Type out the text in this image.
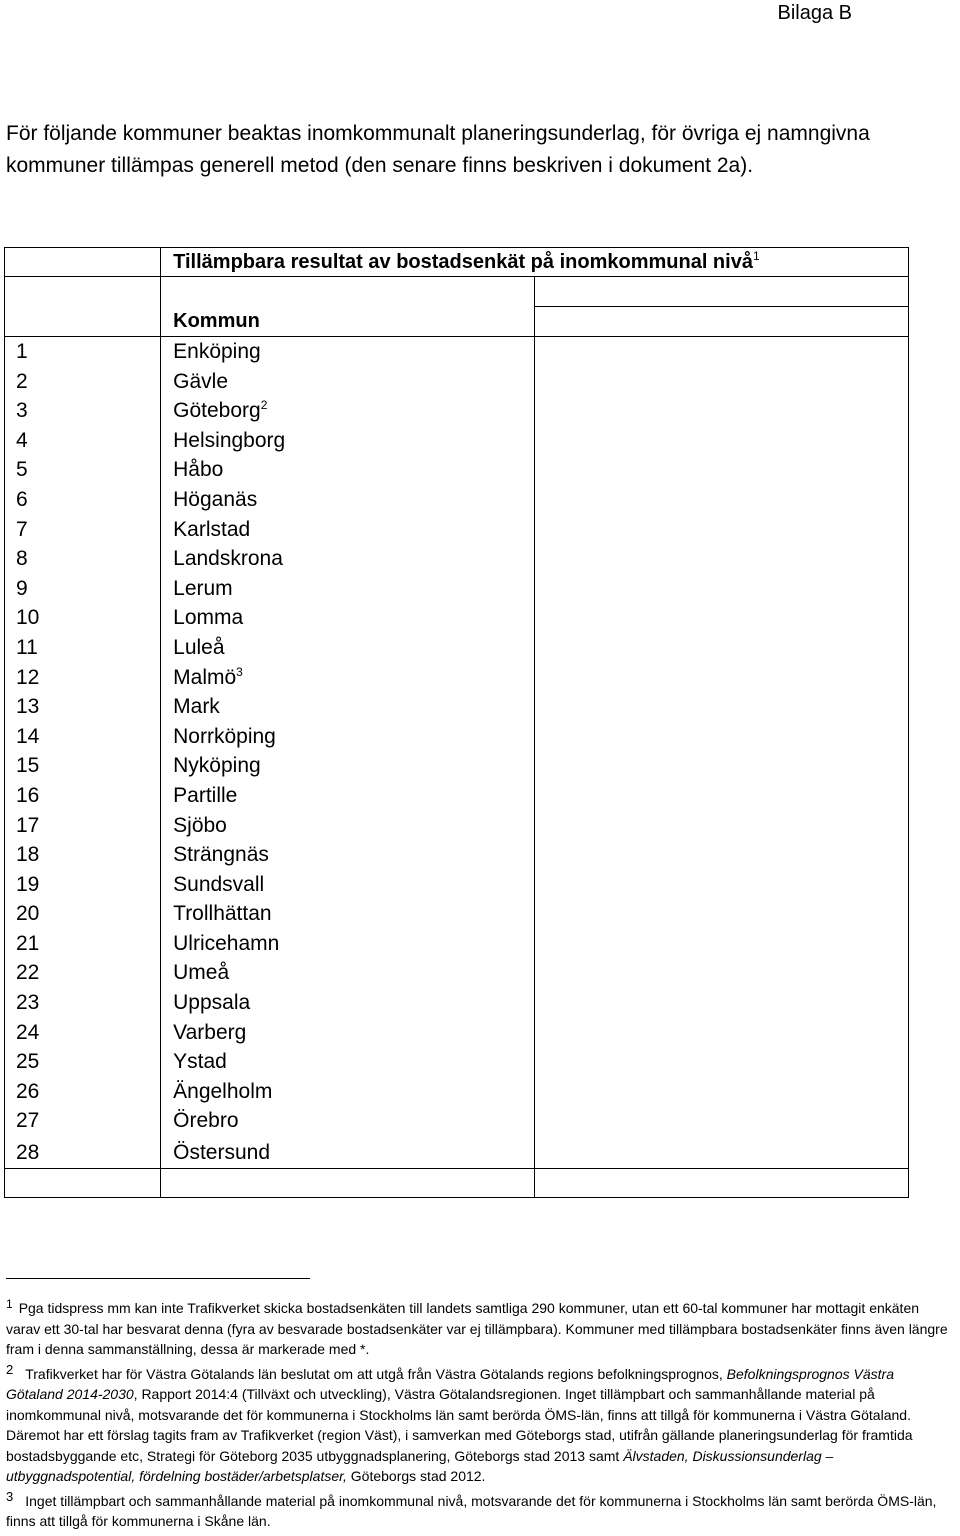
Bilaga B

För följande kommuner beaktas inomkommunalt planeringsunderlag, för övriga ej namngivna kommuner tillämpas generell metod (den senare finns beskriven i dokument 2a).

	Tillämpbara resultat av bostadsenkät på inomkommunal nivå$^1$
	Kommun	

1	Enköping	
2	Gävle	
3	Göteborg$^2$	
4	Helsingborg	
5	Håbo	
6	Höganäs	
7	Karlstad	
8	Landskrona	
9	Lerum	
10	Lomma	
11	Luleå	
12	Malmö$^3$	
13	Mark	
14	Norrköping	
15	Nyköping	
16	Partille	
17	Sjöbo	
18	Strängnäs	
19	Sundsvall	
20	Trollhättan	
21	Ulricehamn	
22	Umeå	
23	Uppsala	
24	Varberg	
25	Ystad	
26	Ängelholm	
27	Örebro	
28	Östersund	

1 Pga tidspress mm kan inte Trafikverket skicka bostadsenkäten till landets samtliga 290 kommuner, utan ett 60-tal kommuner har mottagit enkäten varav ett 30-tal har besvarat denna (fyra av besvarade bostadsenkäter var ej tillämpbara). Kommuner med tillämpbara bostadsenkäter finns även längre fram i denna sammanställning, dessa är markerade med *.

2 Trafikverket har för Västra Götalands län beslutat om att utgå från Västra Götalands regions befolkningsprognos, Befolkningsprognos Västra Götaland 2014-2030, Rapport 2014:4 (Tillväxt och utveckling), Västra Götalandsregionen. Inget tillämpbart och sammanhållande material på inomkommunal nivå, motsvarande det för kommunerna i Stockholms län samt berörda ÖMS-län, finns att tillgå för kommunerna i Västra Götaland. Däremot har ett förslag tagits fram av Trafikverket (region Väst), i samverkan med Göteborgs stad, utifrån gällande planeringsunderlag för framtida bostadsbyggande etc, Strategi för Göteborg 2035 utbyggnadsplanering, Göteborgs stad 2013 samt Älvstaden, Diskussionsunderlag – utbyggnadspotential, fördelning bostäder/arbetsplatser, Göteborgs stad 2012.

3 Inget tillämpbart och sammanhållande material på inomkommunal nivå, motsvarande det för kommunerna i Stockholms län samt berörda ÖMS-län, finns att tillgå för kommunerna i Skåne län.
